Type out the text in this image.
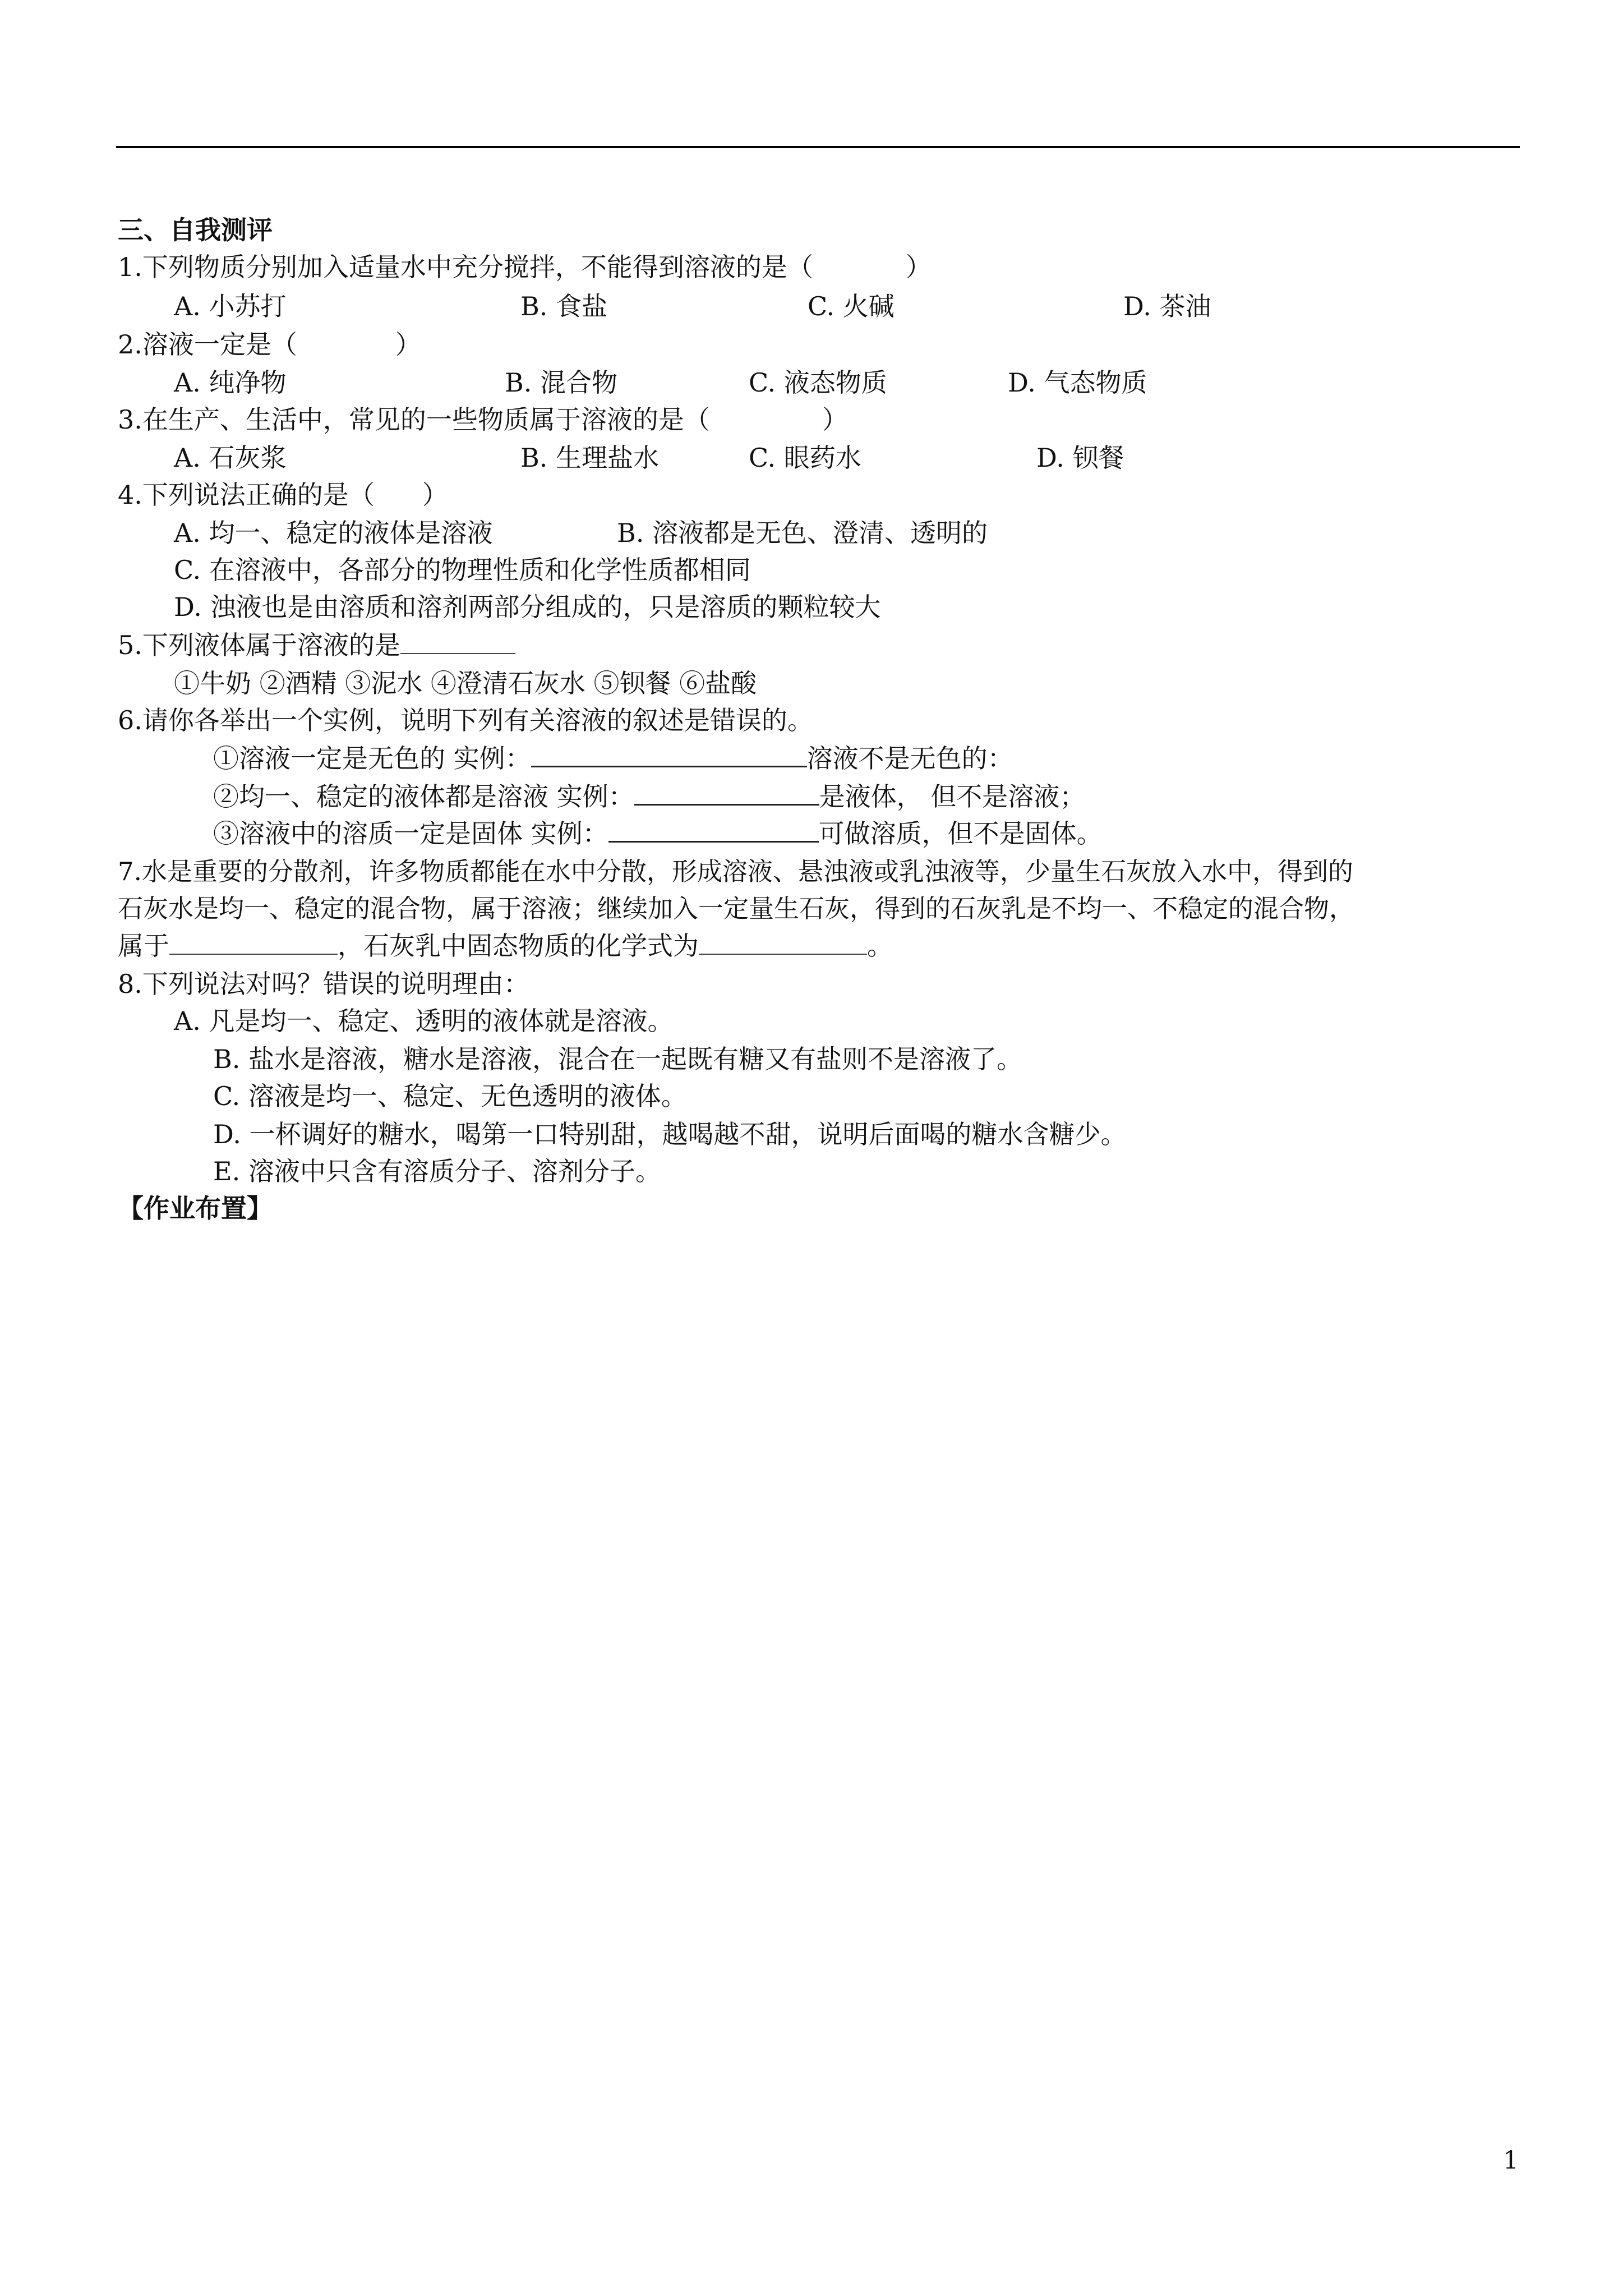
三、自我测评
1.下列物质分别加入适量水中充分搅拌，不能得到溶液的是（	）
A. 小苏打	B. 食盐	C. 火碱	D. 茶油
2.溶液一定是（	）
A. 纯净物	B. 混合物	C. 液态物质	D. 气态物质
3.在生产、生活中，常见的一些物质属于溶液的是（	）
A. 石灰浆	B. 生理盐水	C. 眼药水	D. 钡餐
4.下列说法正确的是（ ）
A. 均一、稳定的液体是溶液	B. 溶液都是无色、澄清、透明的
C. 在溶液中，各部分的物理性质和化学性质都相同
D. 浊液也是由溶质和溶剂两部分组成的，只是溶质的颗粒较大
5.下列液体属于溶液的是
①牛奶 ②酒精 ③泥水 ④澄清石灰水 ⑤钡餐 ⑥盐酸
6.请你各举出一个实例，说明下列有关溶液的叙述是错误的。
①溶液一定是无色的 实例：	溶液不是无色的：
②均一、稳定的液体都是溶液 实例：	是液体， 但不是溶液；
③溶液中的溶质一定是固体 实例：	可做溶质，但不是固体。
7.水是重要的分散剂，许多物质都能在水中分散，形成溶液、悬浊液或乳浊液等，少量生石灰放入水中，得到的
石灰水是均一、稳定的混合物，属于溶液；继续加入一定量生石灰，得到的石灰乳是不均一、不稳定的混合物，
属于	，石灰乳中固态物质的化学式为	。
8.下列说法对吗？错误的说明理由：
A. 凡是均一、稳定、透明的液体就是溶液。
B. 盐水是溶液，糖水是溶液，混合在一起既有糖又有盐则不是溶液了。
C. 溶液是均一、稳定、无色透明的液体。
D. 一杯调好的糖水，喝第一口特别甜，越喝越不甜，说明后面喝的糖水含糖少。
E. 溶液中只含有溶质分子、溶剂分子。
【作业布置】
1
